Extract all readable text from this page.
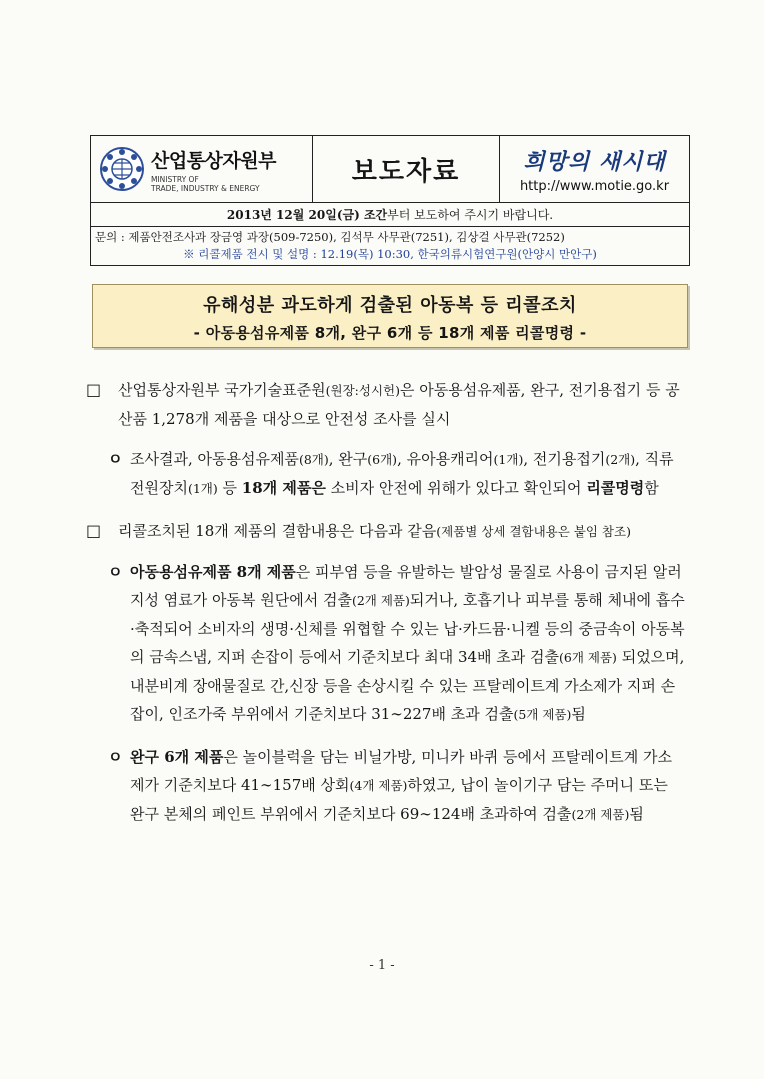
산업통상자원부
MINISTRY OF
TRADE, INDUSTRY & ENERGY
보도자료	희망의 새시대
http://www.motie.go.kr
2013년 12월 20일(금) 조간부터 보도하여 주시기 바랍니다.
문의 : 제품안전조사과 장금영 과장(509-7250), 김석무 사무관(7251), 김상걸 사무관(7252)
※ 리콜제품 전시 및 설명 : 12.19(목) 10:30, 한국의류시험연구원(안양시 만안구)
유해성분 과도하게 검출된 아동복 등 리콜조치
- 아동용섬유제품 8개, 완구 6개 등 18개 제품 리콜명령 -
□ 산업통상자원부 국가기술표준원(원장:성시헌)은 아동용섬유제품, 완구, 전기용접기 등 공산품 1,278개 제품을 대상으로 안전성 조사를 실시
ㅇ 조사결과, 아동용섬유제품(8개), 완구(6개), 유아용캐리어(1개), 전기용접기(2개), 직류전원장치(1개) 등 18개 제품은 소비자 안전에 위해가 있다고 확인되어 리콜명령함
□ 리콜조치된 18개 제품의 결함내용은 다음과 같음(제품별 상세 결함내용은 붙임 참조)
ㅇ 아동용섬유제품 8개 제품은 피부염 등을 유발하는 발암성 물질로 사용이 금지된 알러지성 염료가 아동복 원단에서 검출(2개 제품)되거나, 호흡기나 피부를 통해 체내에 흡수·축적되어 소비자의 생명·신체를 위협할 수 있는 납·카드뮴·니켈 등의 중금속이 아동복의 금속스냅, 지퍼 손잡이 등에서 기준치보다 최대 34배 초과 검출(6개 제품) 되었으며, 내분비계 장애물질로 간,신장 등을 손상시킬 수 있는 프탈레이트계 가소제가 지퍼 손잡이, 인조가죽 부위에서 기준치보다 31∼227배 초과 검출(5개 제품)됨
ㅇ 완구 6개 제품은 놀이블럭을 담는 비닐가방, 미니카 바퀴 등에서 프탈레이트계 가소제가 기준치보다 41∼157배 상회(4개 제품)하였고, 납이 놀이기구 담는 주머니 또는 완구 본체의 페인트 부위에서 기준치보다 69∼124배 초과하여 검출(2개 제품)됨
- 1 -
